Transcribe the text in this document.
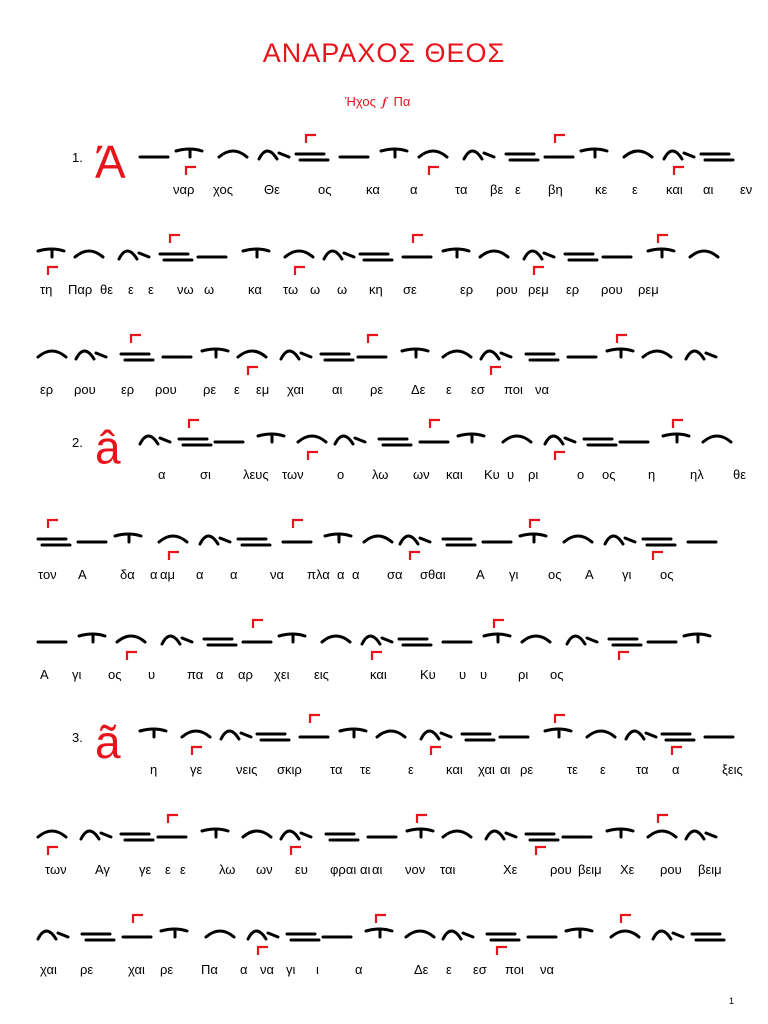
ΑΝΑΡΑΧΟΣ ΘΕΟΣ
Ήχος 𝆑 Πα
1. Ά
ναρ χος Θε	ος	κα α	τα βε ε βη κε ε και αι εν
τη Παρ θε ε ε νω ω	κα τω ω ω κη σε	ερ ρου ρεμ ερ ρου ρεμ
ερ ρου ερ ρου ρε ε εμ χαι αι ρε Δε ε εσ ποι να
2. â
α	σι λευς των	ο λω ων και Κυ υ ρι	ο ος	η	ηλ θε
τον Α	δα α αμ α α να πλα α α σα σθαι Α γι ος Α γι ος
Α γι ος υ πα α αρ χει εις	και	Κυ υ υ ρι ος
3. ã
η	γε	νεις σκιρ τα τε	ε και χαι αι ρε	τε ε τα α	ξεις
των Αγ γε ε ε	λω ων ευ φραι αι αι νον ται	Χε	ρου βειμ Χε ρου βειμ
χαι ρε	χαι ρε Πα α να γι ι	α	Δε ε εσ ποι να
1
